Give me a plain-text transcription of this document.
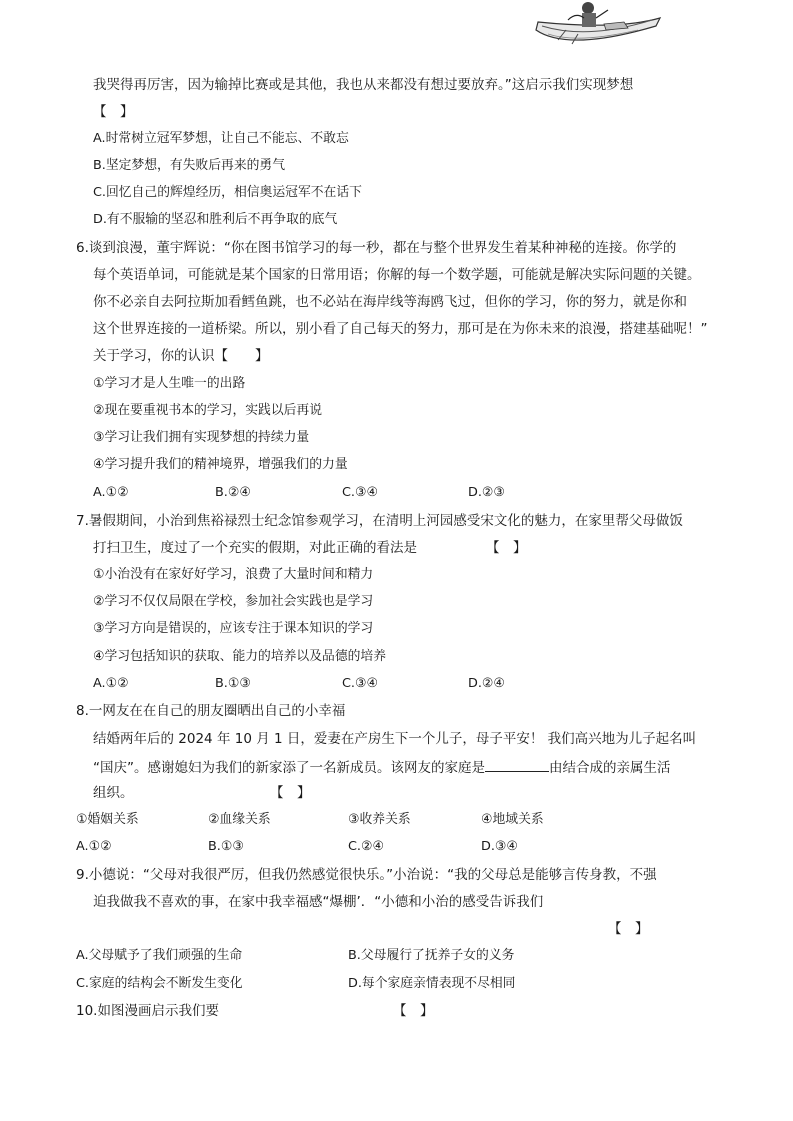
我哭得再厉害，因为输掉比赛或是其他，我也从来都没有想过要放弃。”这启示我们实现梦想
【　】
A.时常树立冠军梦想，让自己不能忘、不敢忘
B.坚定梦想，有失败后再来的勇气
C.回忆自己的辉煌经历，相信奥运冠军不在话下
D.有不服输的坚忍和胜利后不再争取的底气
6.谈到浪漫，董宇辉说：“你在图书馆学习的每一秒，都在与整个世界发生着某种神秘的连接。你学的
每个英语单词，可能就是某个国家的日常用语；你解的每一个数学题，可能就是解决实际问题的关键。
你不必亲自去阿拉斯加看鳕鱼跳，也不必站在海岸线等海鸥飞过，但你的学习，你的努力，就是你和
这个世界连接的一道桥梁。所以，别小看了自己每天的努力，那可是在为你未来的浪漫，搭建基础呢！”
关于学习，你的认识【　　】
①学习才是人生唯一的出路
②现在要重视书本的学习，实践以后再说
③学习让我们拥有实现梦想的持续力量
④学习提升我们的精神境界，增强我们的力量
A.①②	B.②④	C.③④	D.②③
7.暑假期间，小治到焦裕禄烈士纪念馆参观学习，在清明上河园感受宋文化的魅力，在家里帮父母做饭
打扫卫生，度过了一个充实的假期，对此正确的看法是	【　】
①小治没有在家好好学习，浪费了大量时间和精力
②学习不仅仅局限在学校，参加社会实践也是学习
③学习方向是错误的，应该专注于课本知识的学习
④学习包括知识的获取、能力的培养以及品德的培养
A.①②	B.①③	C.③④	D.②④
8.一网友在在自己的朋友圈晒出自己的小幸福
结婚两年后的 2024 年 10 月 1 日，爱妻在产房生下一个儿子，母子平安！ 我们高兴地为儿子起名叫
“国庆”。感谢媳妇为我们的新家添了一名新成员。该网友的家庭是	由结合成的亲属生活
组织。	【　】
①婚姻关系	②血缘关系	③收养关系	④地域关系
A.①②	B.①③	C.②④	D.③④
9.小德说：“父母对我很严厉，但我仍然感觉很快乐。”小治说：“我的父母总是能够言传身教，不强
迫我做我不喜欢的事，在家中我幸福感“爆棚’．“小德和小治的感受告诉我们
【　】
A.父母赋予了我们顽强的生命	B.父母履行了抚养子女的义务
C.家庭的结构会不断发生变化	D.每个家庭亲情表现不尽相同
10.如图漫画启示我们要	【　】
